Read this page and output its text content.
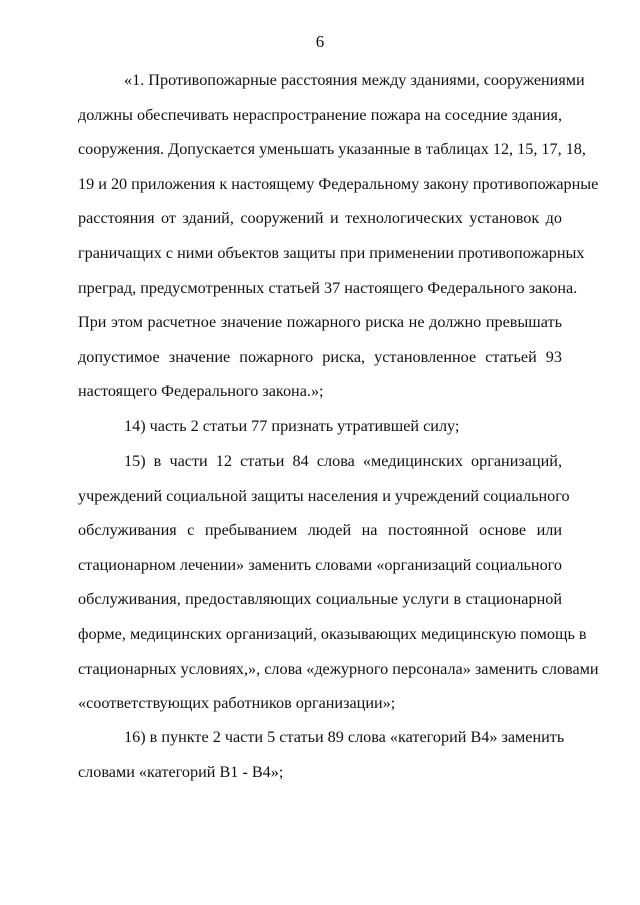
6

«1. Противопожарные расстояния между зданиями, сооружениями
должны обеспечивать нераспространение пожара на соседние здания,
сооружения. Допускается уменьшать указанные в таблицах 12, 15, 17, 18,
19 и 20 приложения к настоящему Федеральному закону противопожарные
расстояния от зданий, сооружений и технологических установок до
граничащих с ними объектов защиты при применении противопожарных
преград, предусмотренных статьей 37 настоящего Федерального закона.
При этом расчетное значение пожарного риска не должно превышать
допустимое значение пожарного риска, установленное статьей 93
настоящего Федерального закона.»;

14) часть 2 статьи 77 признать утратившей силу;

15) в части 12 статьи 84 слова «медицинских организаций,
учреждений социальной защиты населения и учреждений социального
обслуживания с пребыванием людей на постоянной основе или
стационарном лечении» заменить словами «организаций социального
обслуживания, предоставляющих социальные услуги в стационарной
форме, медицинских организаций, оказывающих медицинскую помощь в
стационарных условиях,», слова «дежурного персонала» заменить словами
«соответствующих работников организации»;

16) в пункте 2 части 5 статьи 89 слова «категорий В4» заменить
словами «категорий В1 - В4»;
